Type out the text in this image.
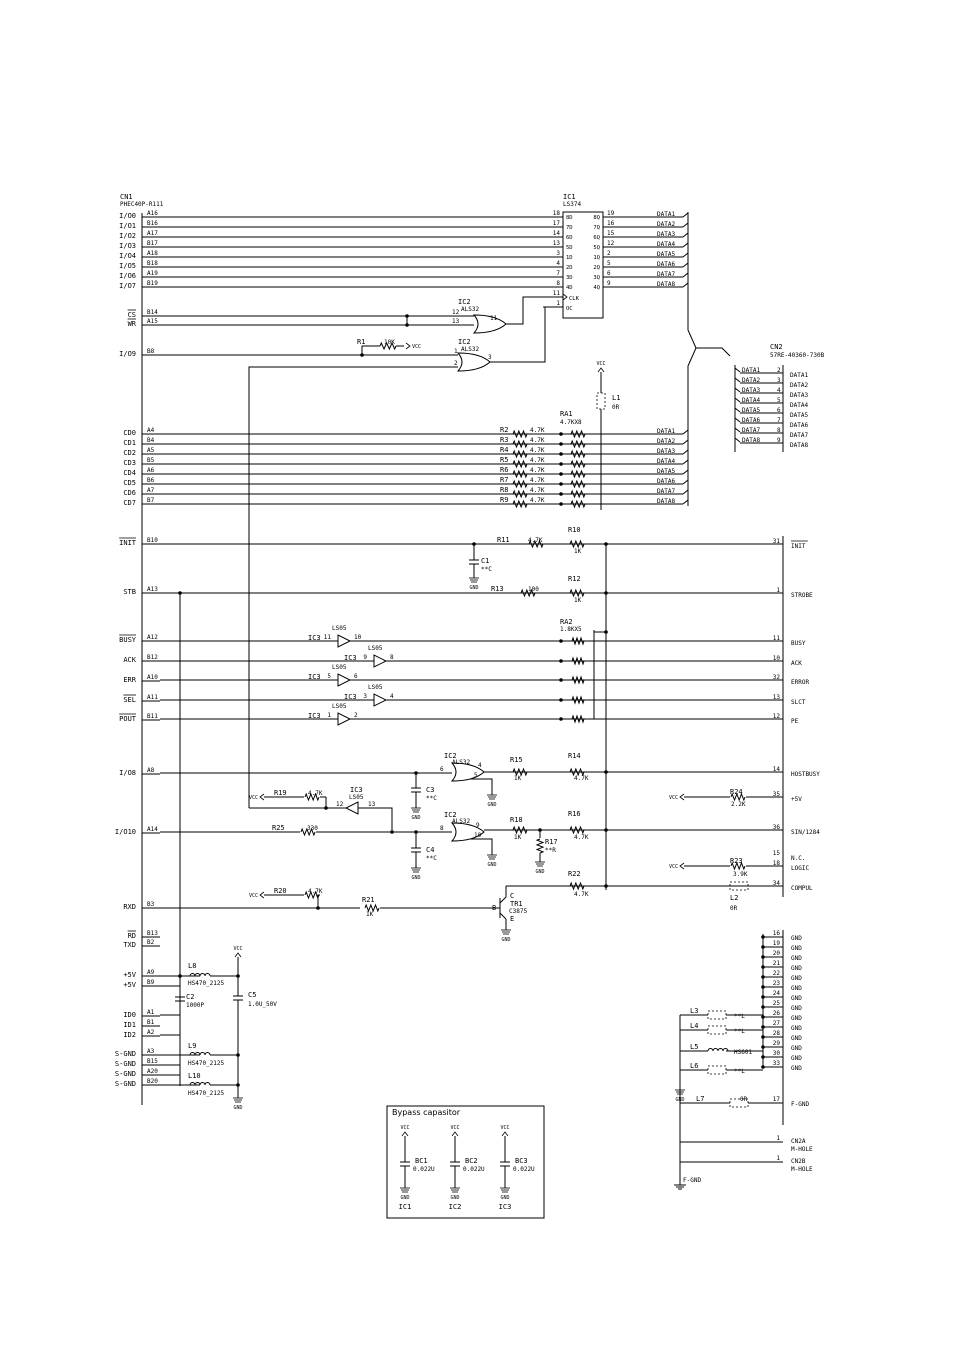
CN1
PHEC40P-R111
I/O0 A16
I/O1 B16
I/O2 A17
I/O3 B17
I/O4 A18
I/O5 B18
I/O6 A19
I/O7 B19
CS B14
WR A15
I/O9 B8
CD0 A4
CD1 B4
CD2 A5
CD3 B5
CD4 A6
CD5 B6
CD6 A7
CD7 B7
INIT B10
STB A13
BUSY A12
ACK B12
ERR A10
SEL A11
POUT B11
I/O8 A8
I/O10 A14
RXD B3
RD B13
TXD B2
+5V A9
+5V B9
ID0 A1
ID1 B1
ID2 A2
S-GND A3
S-GND B15
S-GND A20
S-GND B20
IC1
LS374
18
8D	8Q
19	DATA1
17
7D	7Q
16	DATA2
14
6D	6Q
15	DATA3
13
5D	5Q
12	DATA4
3
1D	1Q
2	DATA5
4
2D	2Q
5	DATA6
7
3D	3Q
6	DATA7
8
4D	4Q
9	DATA8
11
CLK
1
OC
IC2
ALS32
12
13	11
IC2
ALS32
1
2
3
R1	10K
VCC
VCC
L1
0R
RA1
4.7KX8
R2	4.7K	DATA1
R3	4.7K	DATA2
R4	4.7K	DATA3
R5	4.7K	DATA4
R6	4.7K	DATA5
R7	4.7K	DATA6
R8	4.7K	DATA7
R9	4.7K	DATA8
CN2
57RE-40360-730B
DATA1	2
DATA1
DATA2	3
DATA2
DATA3	4
DATA3
DATA4	5
DATA4
DATA5	6
DATA5
DATA6	7
DATA6
DATA7	8
DATA7
DATA8	9
DATA8
R11	4.7K
R10
1K
GND
C1
**C
31
INIT
R13	100
R12
1K
1
STROBE
RA2
1.8KX5
IC3 11	10
LS05
11
BUSY
IC3 9	8
LS05
10
ACK
IC3 5	6
LS05
32
ERROR
IC3 3	4
LS05
13
SLCT
IC3 1	2
LS05
12
PE
IC2
ALS32
6
4
5
GND
R15
1K
R14
4.7K
GND
C3
**C
14
HOSTBUSY
VCC
R19	4.7K	IC3
LS05
12	13
VCC
R24
2.2K
35
+5V
R25	330
IC2
ALS32
8	9
10
GND
GND
C4
**C
R18
1K
R16
4.7K
GND
R17
**R
36
SIN/1284
15
N.C.
VCC
R23
3.9K
18
LOGIC
R22
4.7K	L2
0R
34
COMPUL
R21
1K
VCC
R20	4.7K
GND
B
C
E
TR1
C3875
L8
HS470_2125
VCC
C5
1.0U_50V
GND
C2
1000P
L9
HS470_2125
L10
HS470_2125
16
GND
19
GND
20
GND
21
GND
22
GND
23
GND
24
GND
25
GND
26
GND
27
GND
28
GND
29
GND
30
GND
33
GND
L3
**L
L4
**L
L5
HS601
L6
**L
GND L7	0R	17
F-GND
1 CN2A
M-HOLE
1 CN2B
M-HOLE
F-GND
Bypass capasitor
VCC
GND
BC1
0.022U
IC1
VCC
GND
BC2
0.022U
IC2
VCC
GND
BC3
0.022U
IC3
